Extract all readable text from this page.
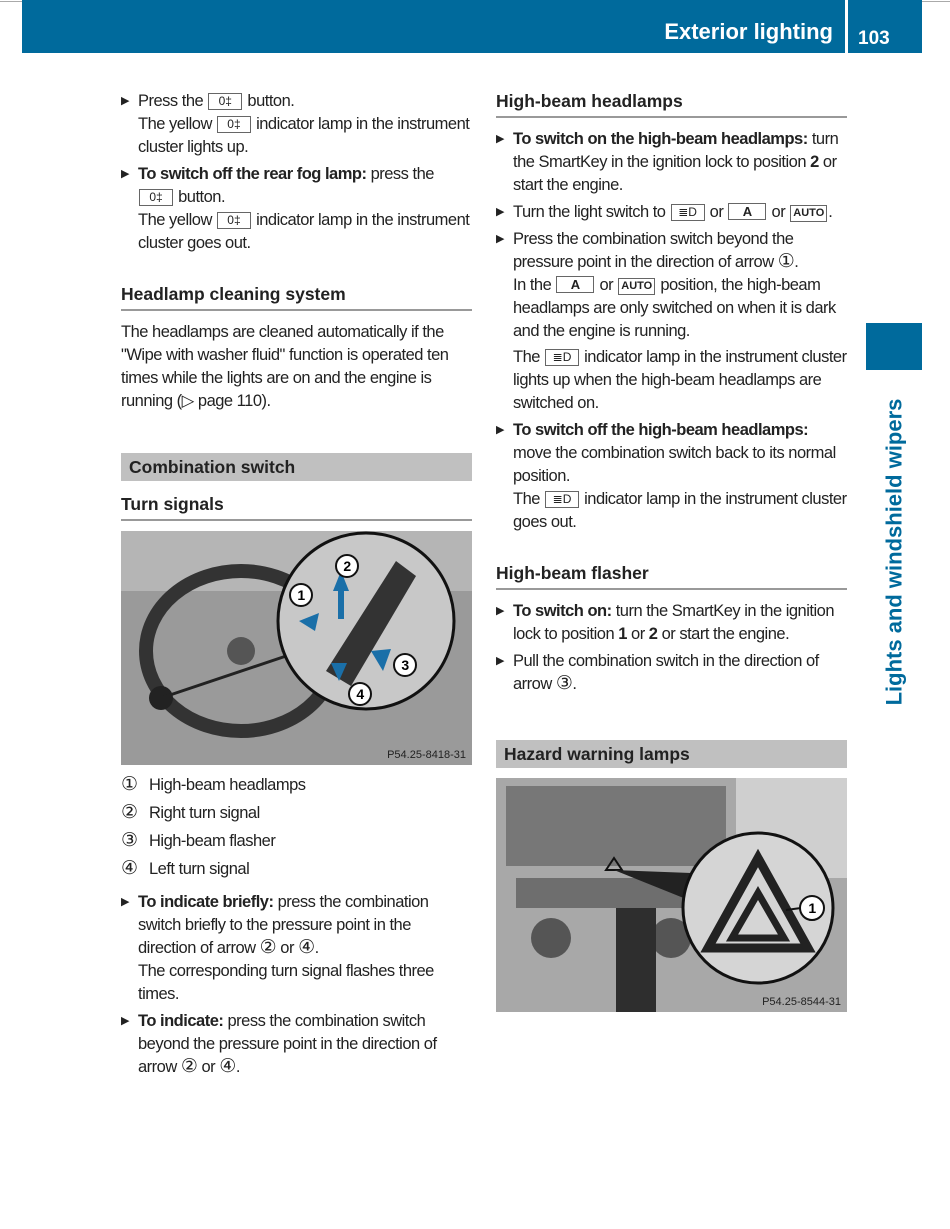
Exterior lighting 103
Lights and windshield wipers
▶ Press the 0‡ button.
The yellow 0‡ indicator lamp in the instrument cluster lights up.
▶ To switch off the rear fog lamp: press the 0‡ button.
The yellow 0‡ indicator lamp in the instrument cluster goes out.
Headlamp cleaning system
The headlamps are cleaned automatically if the "Wipe with washer fluid" function is operated ten times while the lights are on and the engine is running (▷ page 110).
Combination switch
Turn signals
2
1
3
4
P54.25-8418-31
① High-beam headlamps
② Right turn signal
③ High-beam flasher
④ Left turn signal
▶ To indicate briefly: press the combination switch briefly to the pressure point in the direction of arrow ② or ④.
The corresponding turn signal flashes three times.
▶ To indicate: press the combination switch beyond the pressure point in the direction of arrow ② or ④.
High-beam headlamps
▶ To switch on the high-beam headlamps: turn the SmartKey in the ignition lock to position 2 or start the engine.
▶ Turn the light switch to ≣D or A or AUTO .
▶ Press the combination switch beyond the pressure point in the direction of arrow ①.
In the A or AUTO position, the high-beam headlamps are only switched on when it is dark and the engine is running.
The ≣D indicator lamp in the instrument cluster lights up when the high-beam headlamps are switched on.
▶ To switch off the high-beam headlamps: move the combination switch back to its normal position.
The ≣D indicator lamp in the instrument cluster goes out.
High-beam flasher
▶ To switch on: turn the SmartKey in the ignition lock to position 1 or 2 or start the engine.
▶ Pull the combination switch in the direction of arrow ③.
Hazard warning lamps
1
P54.25-8544-31
